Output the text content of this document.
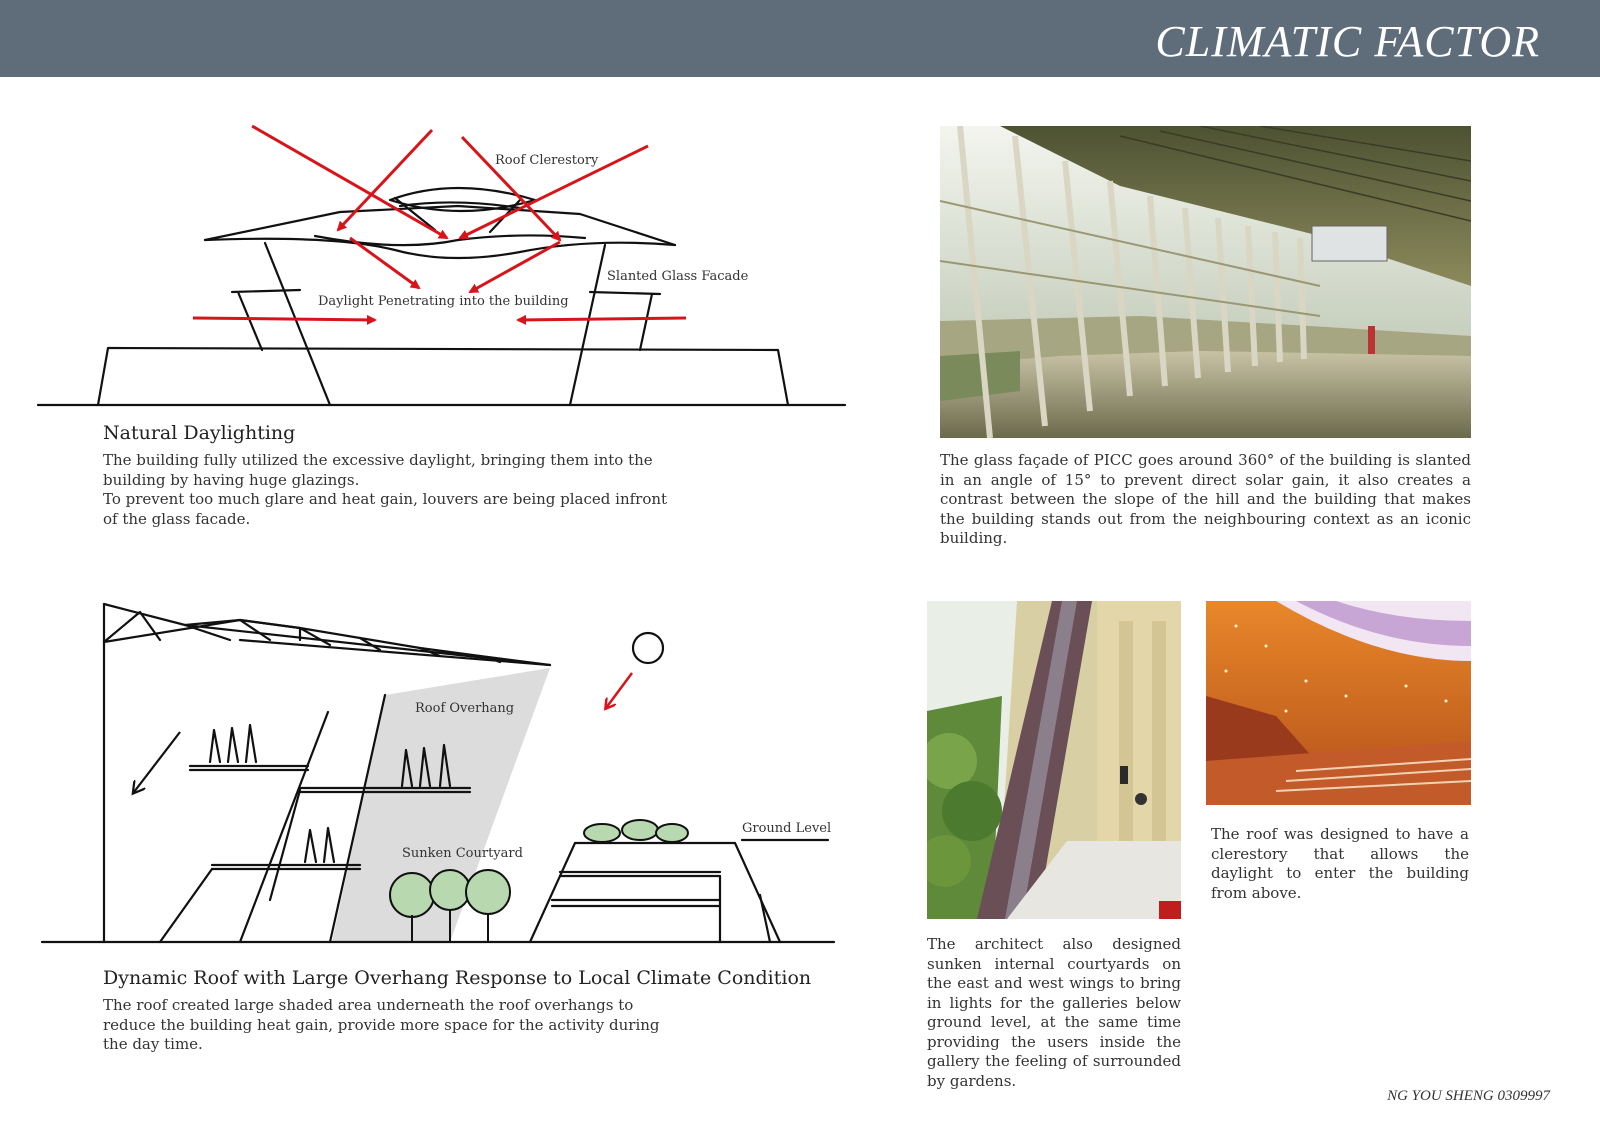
CLIMATIC FACTOR
Roof Clerestory
Slanted Glass Facade
Daylight Penetrating into the building
Natural Daylighting

The building fully utilized the excessive daylight, bringing them into the building by having huge glazings.

To prevent too much glare and heat gain, louvers are being placed infront of the glass facade.

The glass façade of PICC goes around 360° of the building is slanted in an angle of 15° to prevent direct solar gain, it also creates a contrast between the slope of the hill and the building that makes the building stands out from the neighbouring context as an iconic building.
Roof Overhang
Sunken Courtyard
Ground Level
Dynamic Roof with Large Overhang Response to Local Climate Condition
The roof created large shaded area underneath the roof overhangs to reduce the building heat gain, provide more space for the activity during the day time.
The architect also designed sunken internal courtyards on the east and west wings to bring in lights for the galleries below ground level, at the same time providing the users inside the gallery the feeling of surrounded by gardens.
The roof was designed to have a clerestory that allows the daylight to enter the building from above.
NG YOU SHENG 0309997
